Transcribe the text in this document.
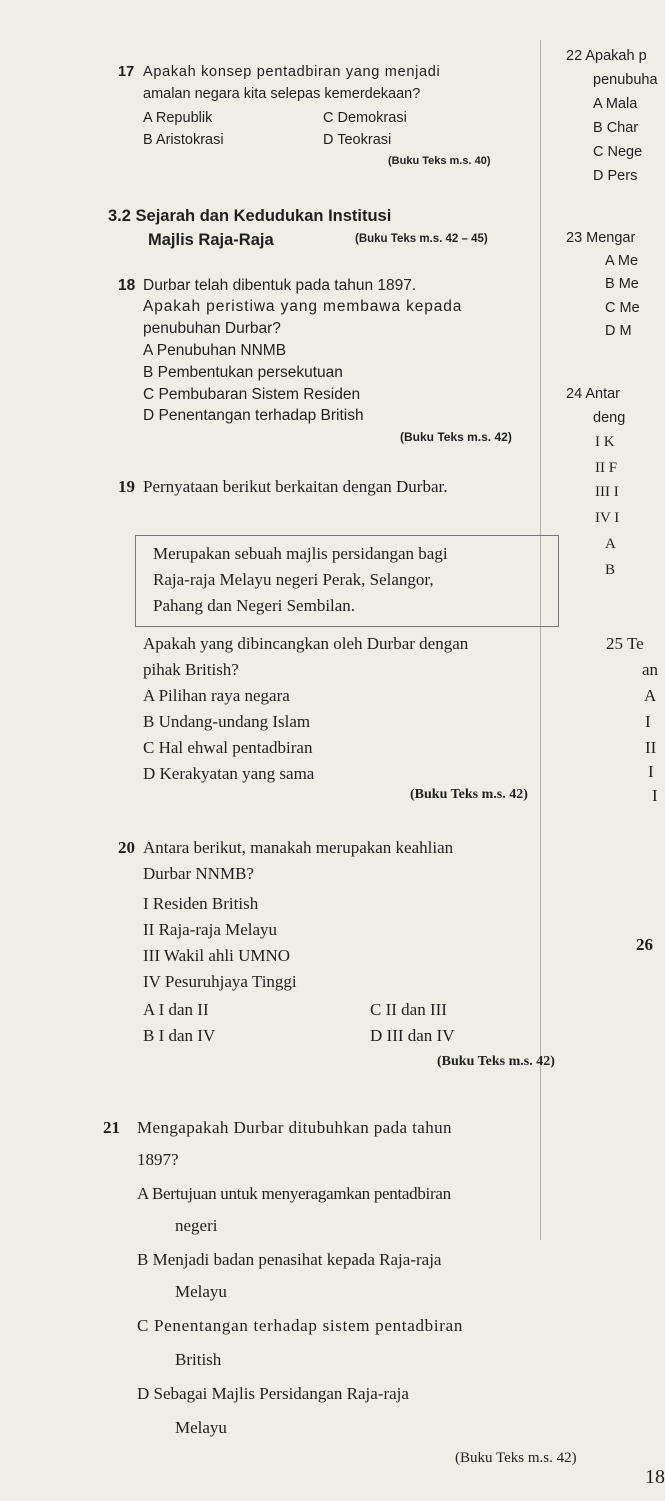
17 Apakah konsep pentadbiran yang menjadi
amalan negara kita selepas kemerdekaan?
A Republik
B Aristokrasi
C Demokrasi
D Teokrasi
(Buku Teks m.s. 40)
22 Apakah p
penubuha
A Mala
B Char
C Nege
D Pers
23 Mengar
A Me
B Me
C Me
D M
24 Antar
deng
I K
II F
III I
IV I
A
B
25 Te
an
A
I
II
I
I
26
18
3.2 Sejarah dan Kedudukan Institusi
Majlis Raja-Raja	(Buku Teks m.s. 42 – 45)
18 Durbar telah dibentuk pada tahun 1897.
Apakah peristiwa yang membawa kepada
penubuhan Durbar?
A Penubuhan NNMB
B Pembentukan persekutuan
C Pembubaran Sistem Residen
D Penentangan terhadap British
(Buku Teks m.s. 42)
19 Pernyataan berikut berkaitan dengan Durbar.
Merupakan sebuah majlis persidangan bagi
Raja-raja Melayu negeri Perak, Selangor,
Pahang dan Negeri Sembilan.
Apakah yang dibincangkan oleh Durbar dengan
pihak British?
A Pilihan raya negara
B Undang-undang Islam
C Hal ehwal pentadbiran
D Kerakyatan yang sama
(Buku Teks m.s. 42)
20 Antara berikut, manakah merupakan keahlian
Durbar NNMB?
I Residen British
II Raja-raja Melayu
III Wakil ahli UMNO
IV Pesuruhjaya Tinggi
A I dan II
B I dan IV
C II dan III
D III dan IV
(Buku Teks m.s. 42)
21 Mengapakah Durbar ditubuhkan pada tahun
1897?
A Bertujuan untuk menyeragamkan pentadbiran
negeri
B Menjadi badan penasihat kepada Raja-raja
Melayu
C Penentangan terhadap sistem pentadbiran
British
D Sebagai Majlis Persidangan Raja-raja
Melayu
(Buku Teks m.s. 42)
